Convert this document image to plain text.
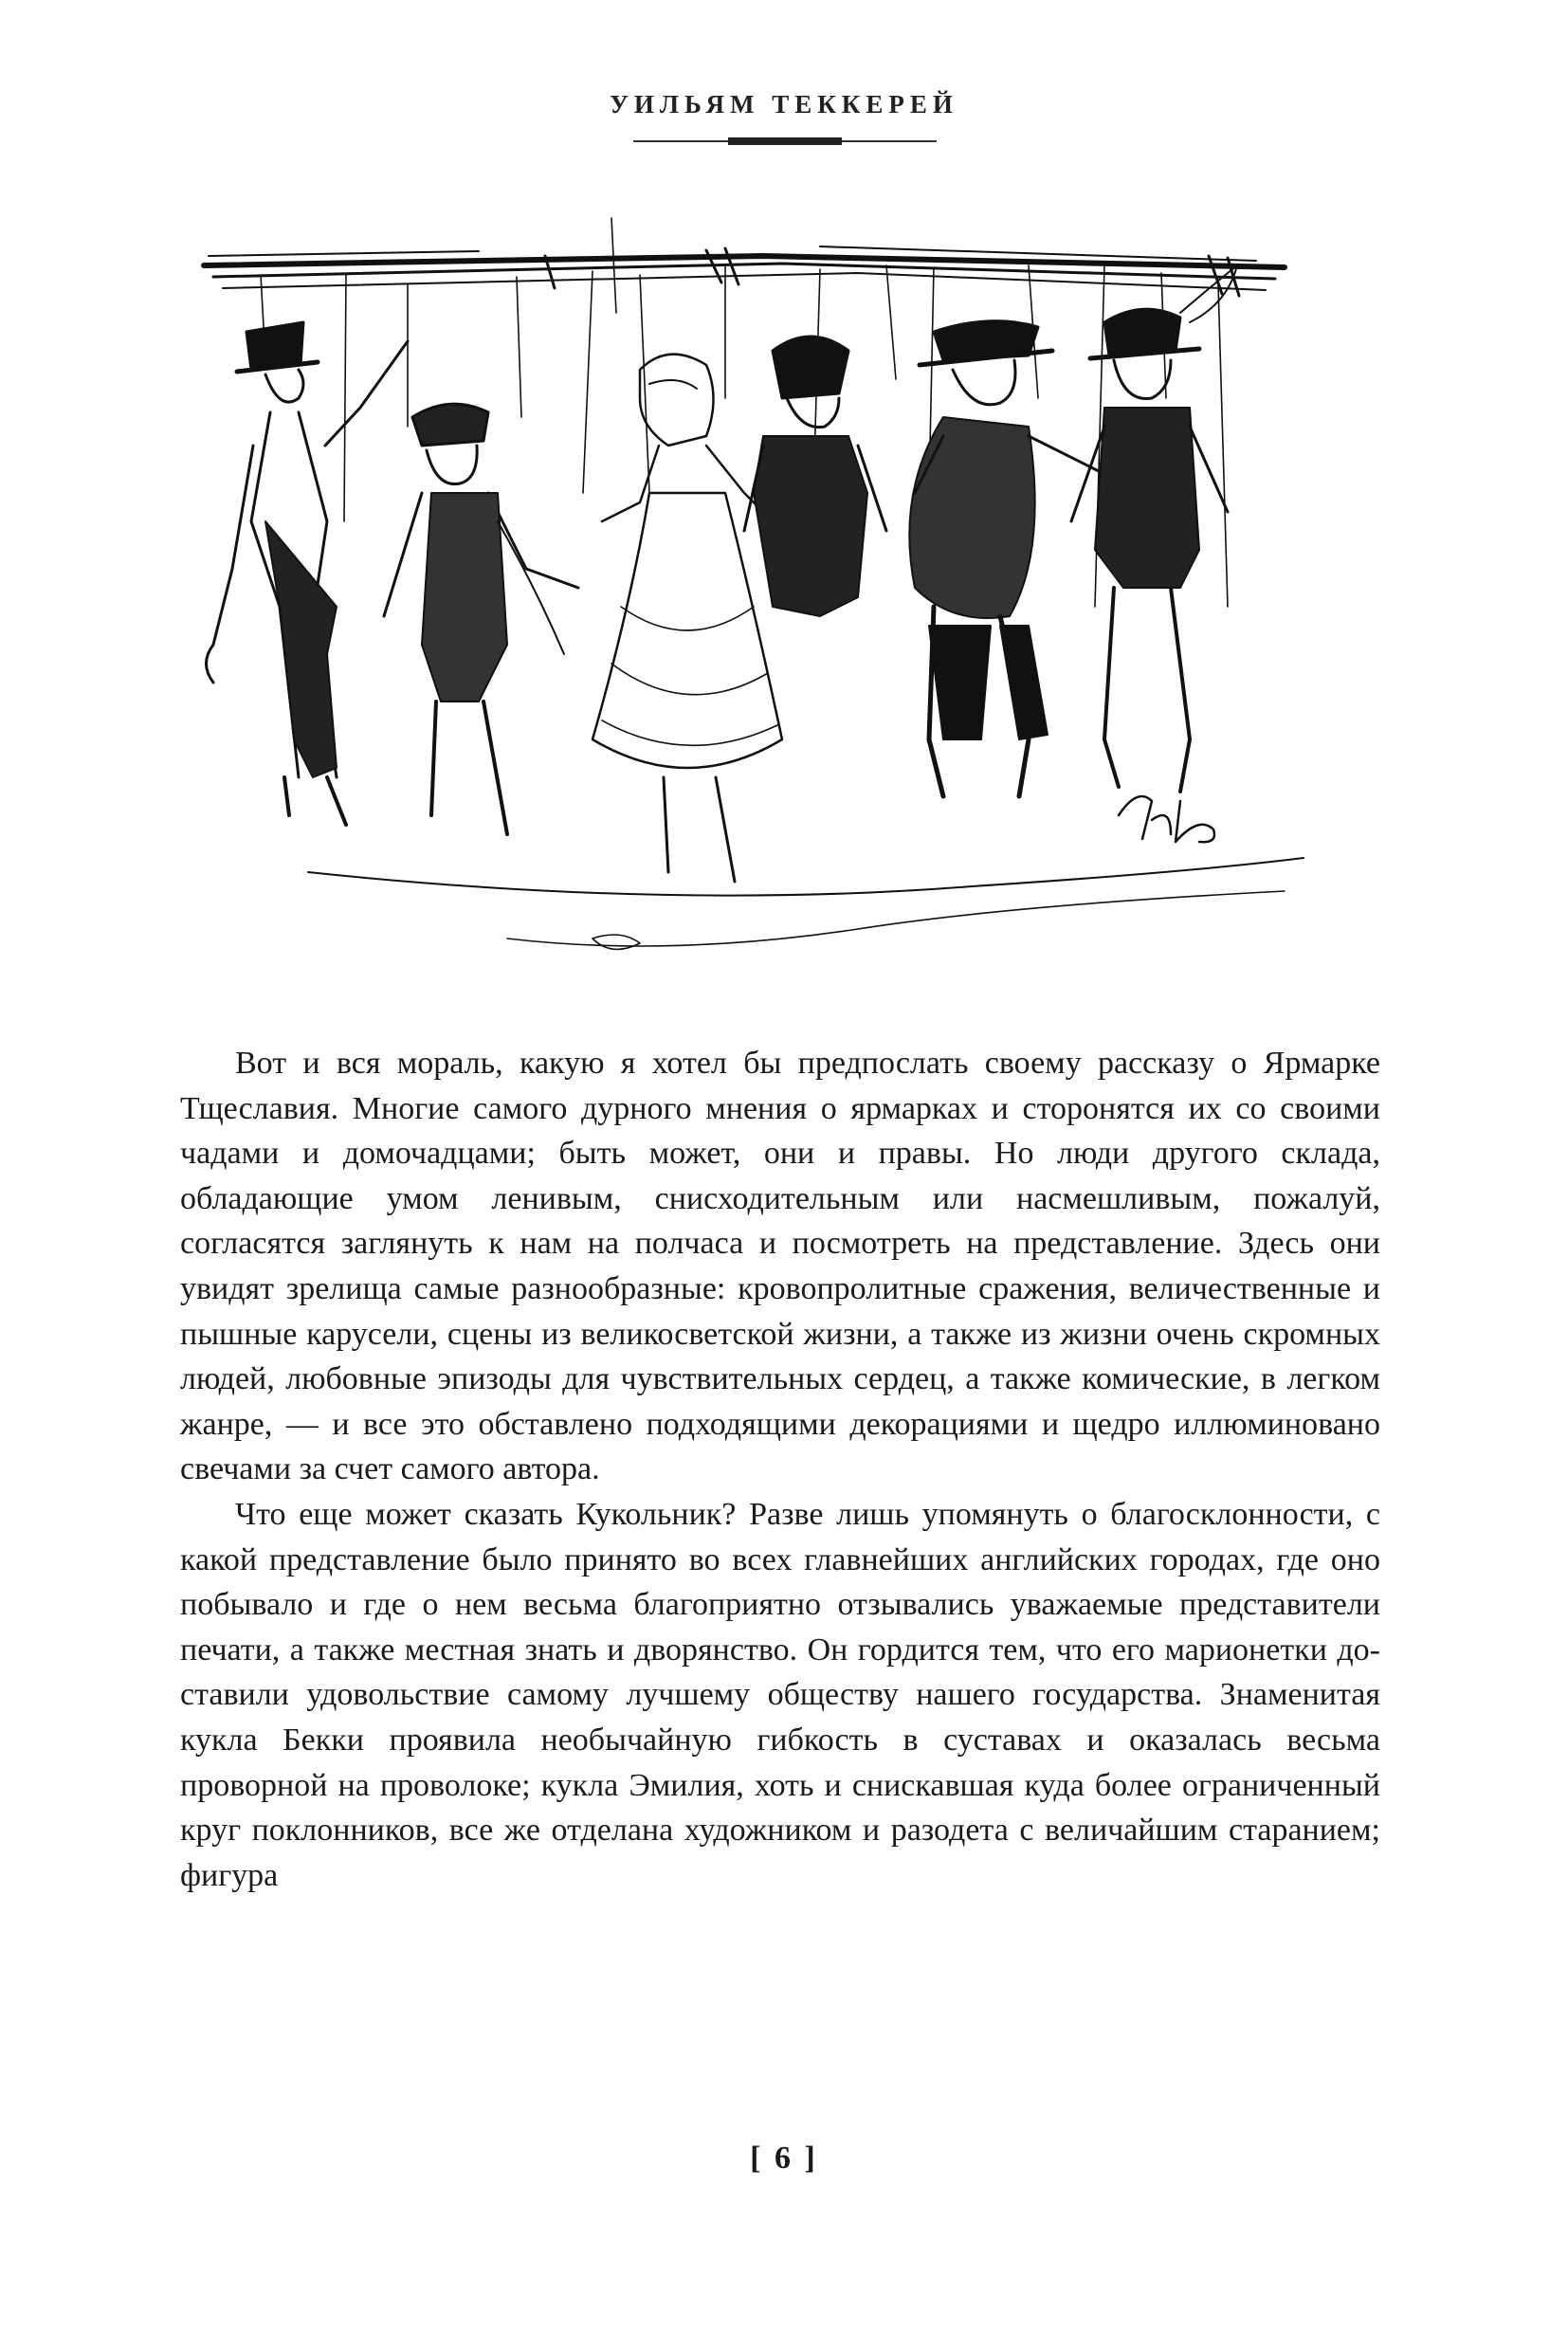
УИЛЬЯМ ТЕККЕРЕЙ

Вот и вся мораль, какую я хотел бы предпослать своему рассказу о Ярмарке Тщеславия. Многие самого дурного мнения о ярмарках и сторонятся их со своими чадами и домочадцами; быть может, они и правы. Но люди другого склада, обладающие умом ленивым, снисходительным или насмешливым, пожалуй, согласятся заглянуть к нам на полчаса и посмотреть на представление. Здесь они увидят зрелища самые разнообразные: кровопролитные сражения, величественные и пышные карусели, сцены из великосветской жизни, а также из жизни очень скромных людей, любовные эпизоды для чувствительных сердец, а также комические, в легком жанре, — и все это обставлено подходящими декорациями и щедро иллюминовано свечами за счет самого автора.

Что еще может сказать Кукольник? Разве лишь упомянуть о благосклонности, с какой представление было принято во всех главнейших английских городах, где оно побывало и где о нем весьма благоприятно отзывались уважаемые представители печати, а также местная знать и дворянство. Он гордится тем, что его марионетки доставили удовольствие самому лучшему обществу нашего государства. Знаменитая кукла Бекки проявила необычайную гибкость в суставах и оказалась весьма проворной на проволоке; кукла Эмилия, хоть и снискавшая куда более ограниченный круг поклонников, все же отделана художником и разодета с величайшим старанием; фигура

[ 6 ]
